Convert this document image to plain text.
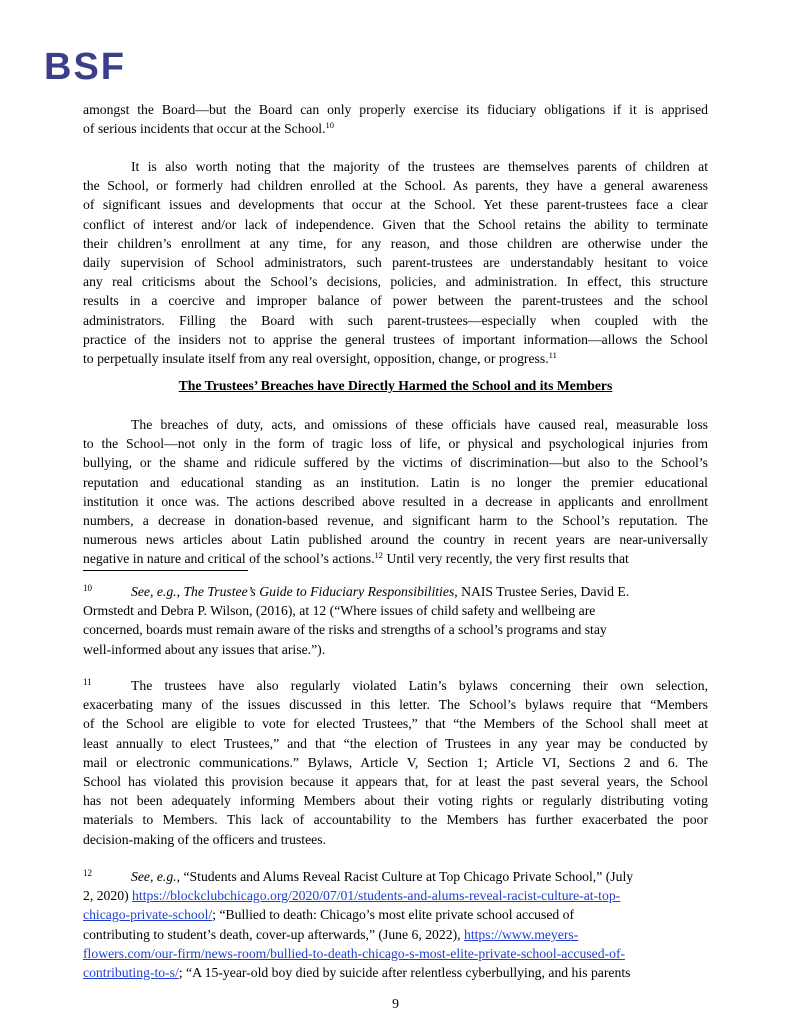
BSF
amongst the Board—but the Board can only properly exercise its fiduciary obligations if it is apprised
of serious incidents that occur at the School.$^{10}$
It is also worth noting that the majority of the trustees are themselves parents of children at
the School, or formerly had children enrolled at the School. As parents, they have a general awareness
of significant issues and developments that occur at the School. Yet these parent-trustees face a clear
conflict of interest and/or lack of independence. Given that the School retains the ability to terminate
their children’s enrollment at any time, for any reason, and those children are otherwise under the
daily supervision of School administrators, such parent-trustees are understandably hesitant to voice
any real criticisms about the School’s decisions, policies, and administration. In effect, this structure
results in a coercive and improper balance of power between the parent-trustees and the school
administrators. Filling the Board with such parent-trustees—especially when coupled with the
practice of the insiders not to apprise the general trustees of important information—allows the School
to perpetually insulate itself from any real oversight, opposition, change, or progress.$^{11}$
The Trustees’ Breaches have Directly Harmed the School and its Members
The breaches of duty, acts, and omissions of these officials have caused real, measurable loss
to the School—not only in the form of tragic loss of life, or physical and psychological injuries from
bullying, or the shame and ridicule suffered by the victims of discrimination—but also to the School’s
reputation and educational standing as an institution. Latin is no longer the premier educational
institution it once was. The actions described above resulted in a decrease in applicants and enrollment
numbers, a decrease in donation-based revenue, and significant harm to the School’s reputation. The
numerous news articles about Latin published around the country in recent years are near-universally
negative in nature and critical of the school’s actions.$^{12}$ Until very recently, the very first results that
10	See, e.g., The Trustee’s Guide to Fiduciary Responsibilities, NAIS Trustee Series, David E.
Ormstedt and Debra P. Wilson, (2016), at 12 (“Where issues of child safety and wellbeing are
concerned, boards must remain aware of the risks and strengths of a school’s programs and stay
well-informed about any issues that arise.”).
11	The trustees have also regularly violated Latin’s bylaws concerning their own selection,
exacerbating many of the issues discussed in this letter. The School’s bylaws require that “Members
of the School are eligible to vote for elected Trustees,” that “the Members of the School shall meet at
least annually to elect Trustees,” and that “the election of Trustees in any year may be conducted by
mail or electronic communications.” Bylaws, Article V, Section 1; Article VI, Sections 2 and 6. The
School has violated this provision because it appears that, for at least the past several years, the School
has not been adequately informing Members about their voting rights or regularly distributing voting
materials to Members. This lack of accountability to the Members has further exacerbated the poor
decision-making of the officers and trustees.
12	See, e.g., “Students and Alums Reveal Racist Culture at Top Chicago Private School,” (July
2, 2020) https://blockclubchicago.org/2020/07/01/students-and-alums-reveal-racist-culture-at-top-
chicago-private-school/; “Bullied to death: Chicago’s most elite private school accused of
contributing to student’s death, cover-up afterwards,” (June 6, 2022), https://www.meyers-
flowers.com/our-firm/news-room/bullied-to-death-chicago-s-most-elite-private-school-accused-of-
contributing-to-s/; “A 15-year-old boy died by suicide after relentless cyberbullying, and his parents
9
